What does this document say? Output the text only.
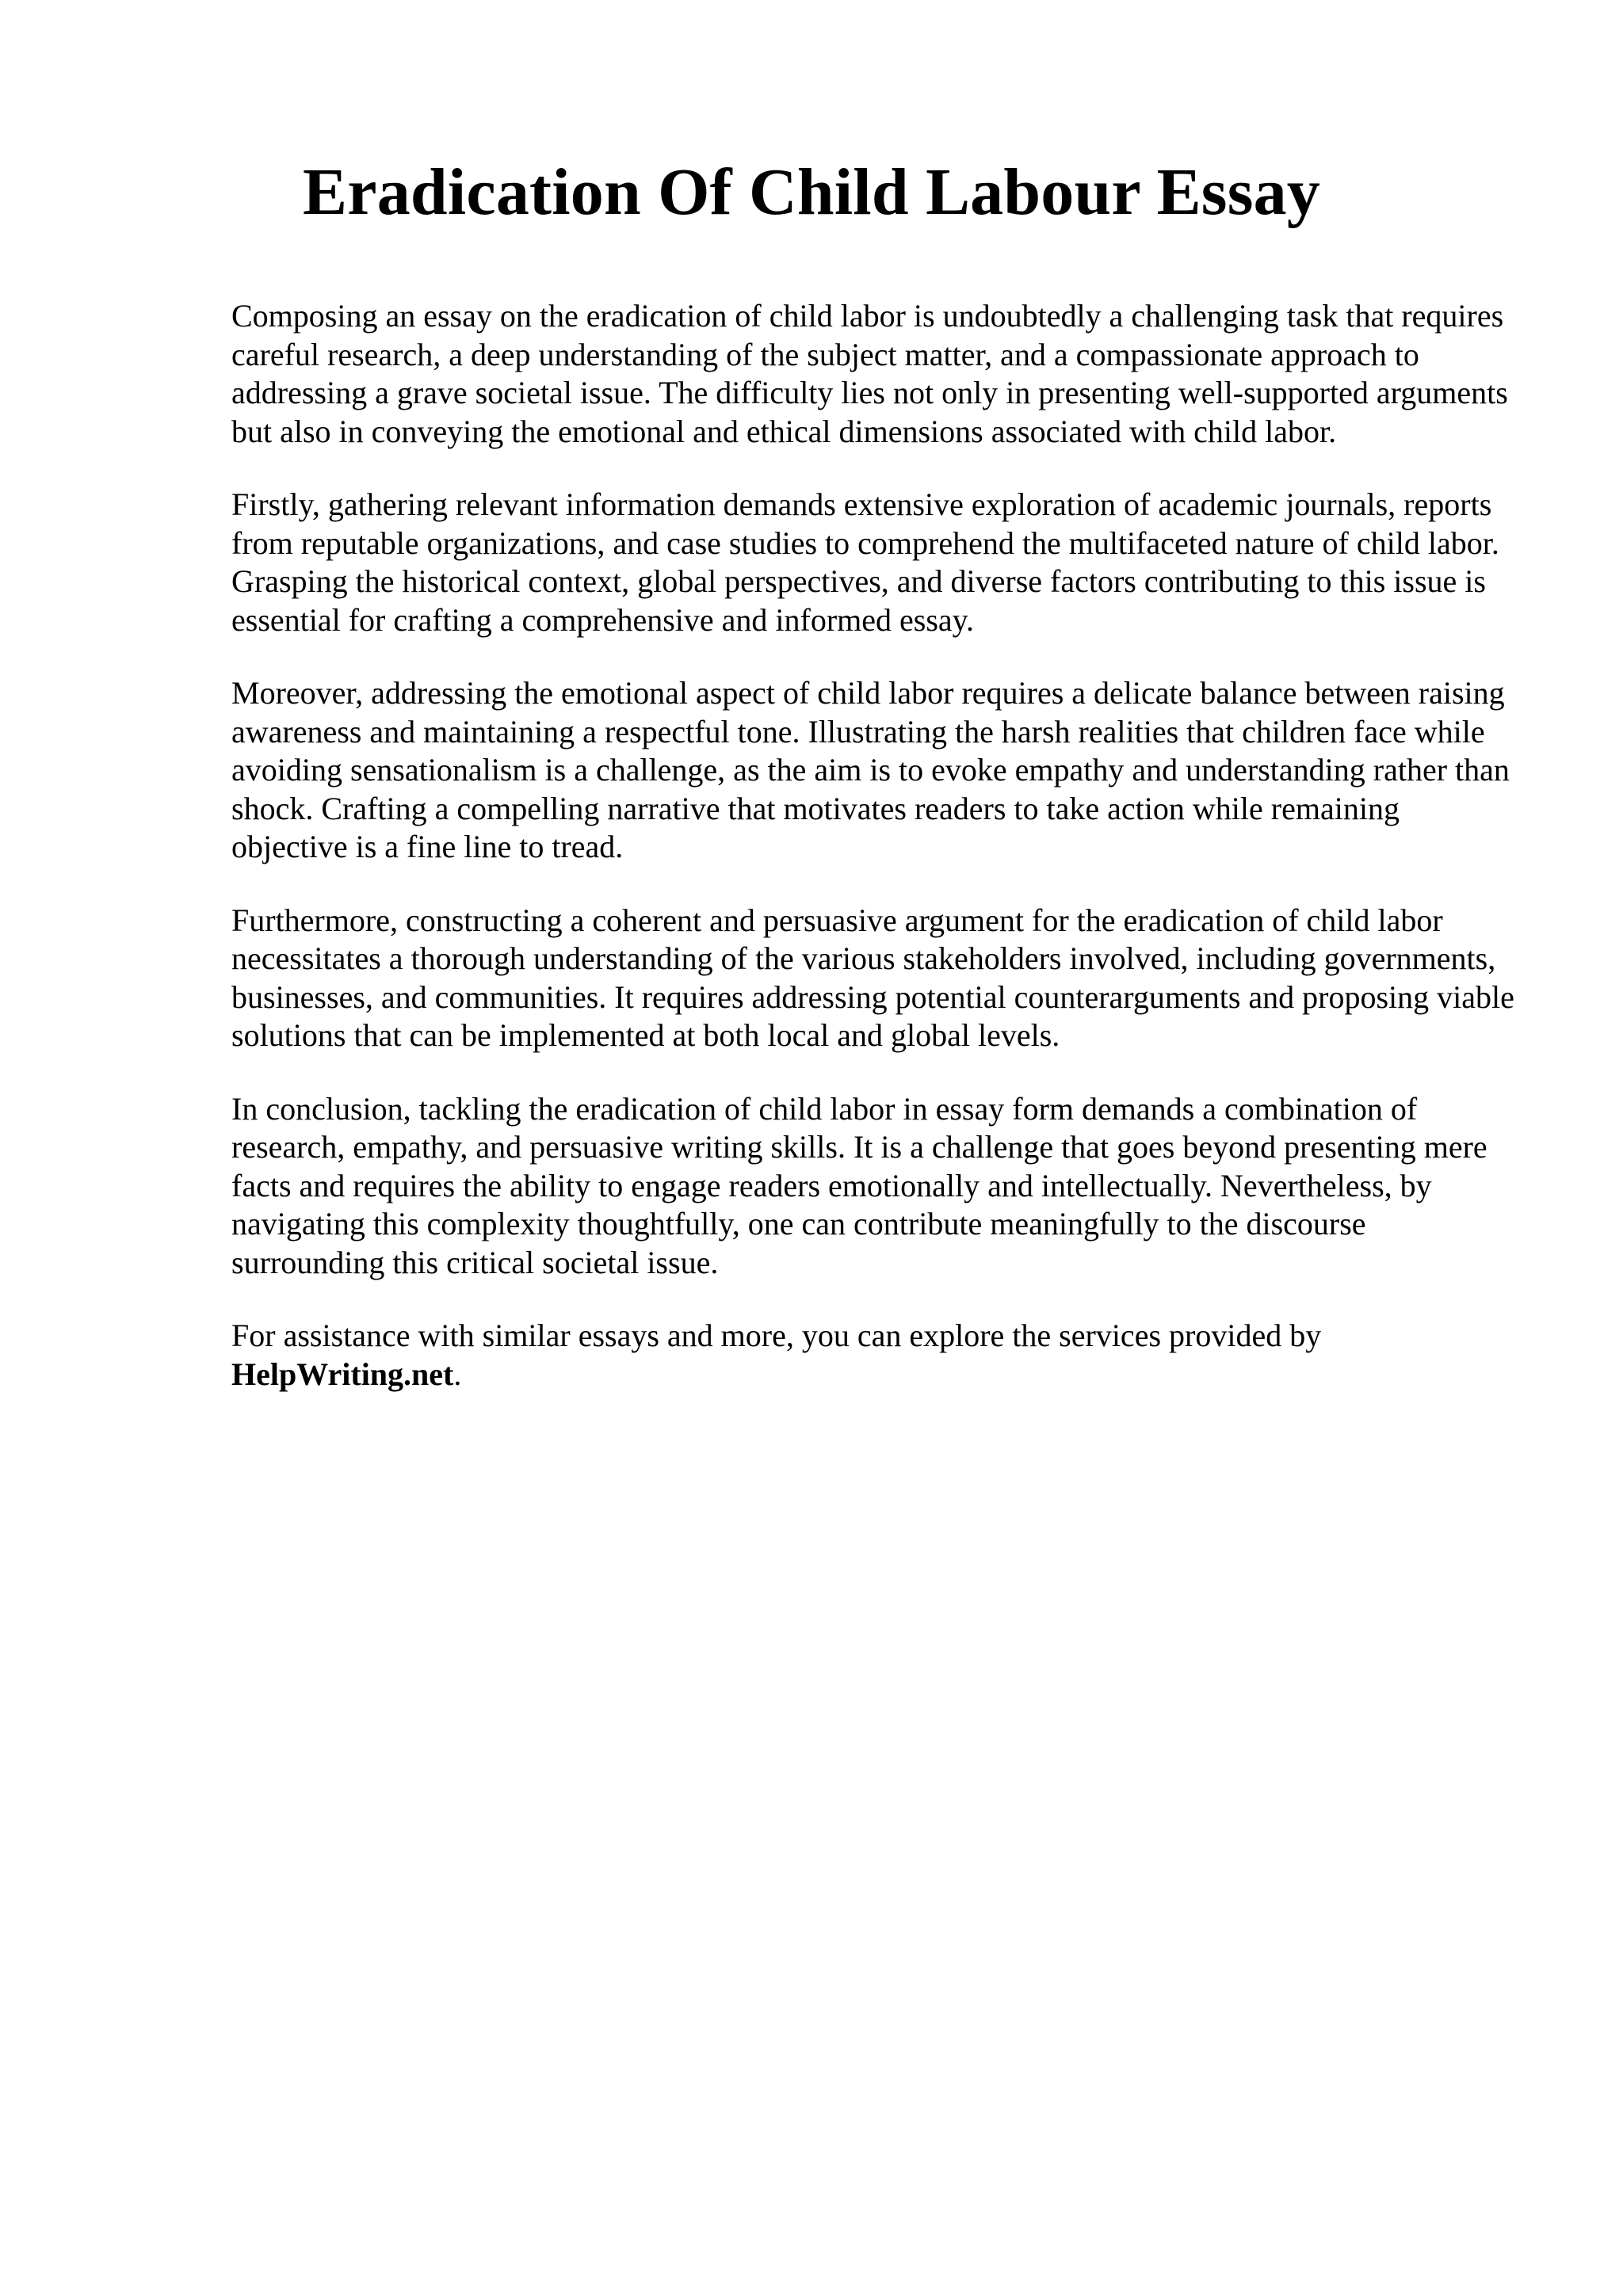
Eradication Of Child Labour Essay

Composing an essay on the eradication of child labor is undoubtedly a challenging task that requires careful research, a deep understanding of the subject matter, and a compassionate approach to addressing a grave societal issue. The difficulty lies not only in presenting well-supported arguments but also in conveying the emotional and ethical dimensions associated with child labor.

Firstly, gathering relevant information demands extensive exploration of academic journals, reports from reputable organizations, and case studies to comprehend the multifaceted nature of child labor. Grasping the historical context, global perspectives, and diverse factors contributing to this issue is essential for crafting a comprehensive and informed essay.

Moreover, addressing the emotional aspect of child labor requires a delicate balance between raising awareness and maintaining a respectful tone. Illustrating the harsh realities that children face while avoiding sensationalism is a challenge, as the aim is to evoke empathy and understanding rather than shock. Crafting a compelling narrative that motivates readers to take action while remaining objective is a fine line to tread.

Furthermore, constructing a coherent and persuasive argument for the eradication of child labor necessitates a thorough understanding of the various stakeholders involved, including governments, businesses, and communities. It requires addressing potential counterarguments and proposing viable solutions that can be implemented at both local and global levels.

In conclusion, tackling the eradication of child labor in essay form demands a combination of research, empathy, and persuasive writing skills. It is a challenge that goes beyond presenting mere facts and requires the ability to engage readers emotionally and intellectually. Nevertheless, by navigating this complexity thoughtfully, one can contribute meaningfully to the discourse surrounding this critical societal issue.

For assistance with similar essays and more, you can explore the services provided by HelpWriting.net.
